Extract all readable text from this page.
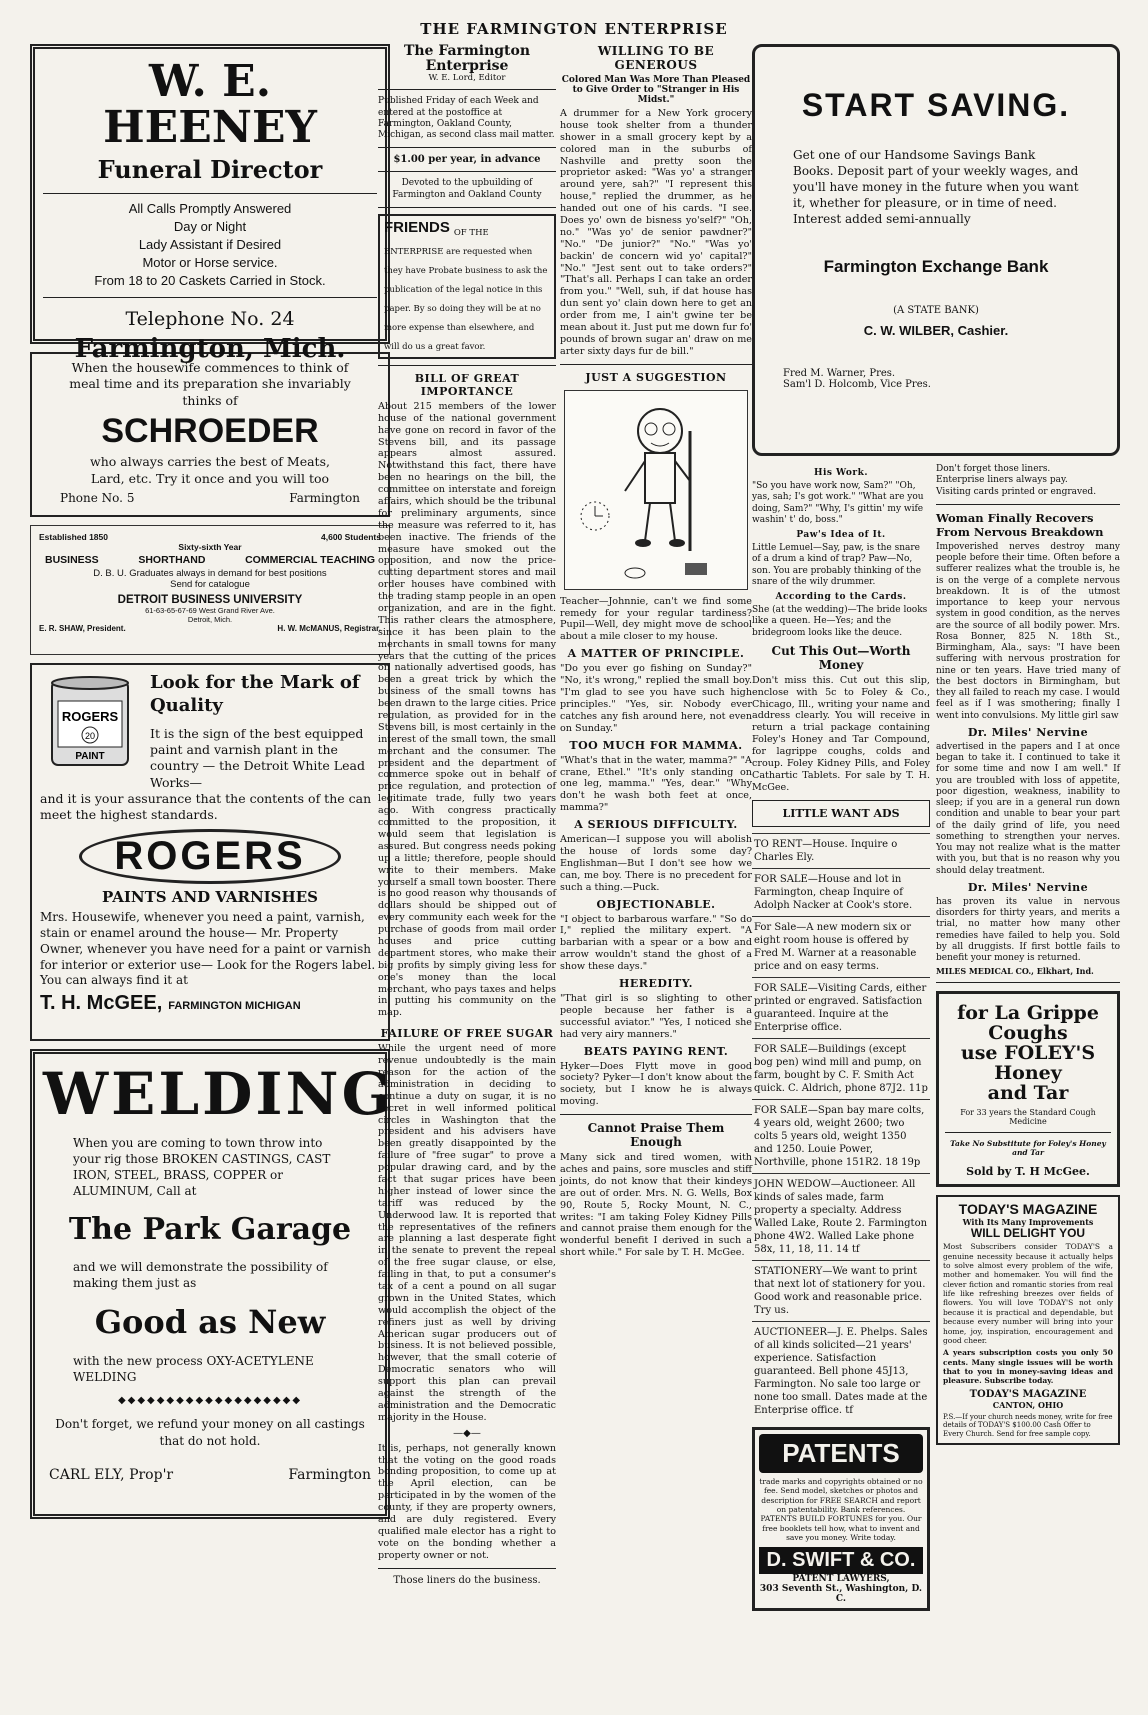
THE FARMINGTON ENTERPRISE
W. E. HEENEY
Funeral Director
All Calls Promptly Answered
Day or Night
Lady Assistant if Desired
Motor or Horse service.
From 18 to 20 Caskets Carried in Stock.
Telephone No. 24
Farmington, Mich.
When the housewife commences to think of meal time and its preparation she invariably thinks of
SCHROEDER
who always carries the best of Meats, Lard, etc. Try it once and you will too
Phone No. 5	Farmington
Established 1850	4,600 Students
Sixty-sixth Year
BUSINESS	SHORTHAND	COMMERCIAL TEACHING
D. B. U. Graduates always in demand for best positions
Send for catalogue
DETROIT BUSINESS UNIVERSITY
61-63-65-67-69 West Grand River Ave.
Detroit, Mich.
E. R. SHAW, President.	H. W. McMANUS, Registrar.
ROGERS
20
PAINT
Look for the Mark of Quality
It is the sign of the best equipped paint and varnish plant in the country — the Detroit White Lead Works—
and it is your assurance that the contents of the can meet the highest standards.
ROGERS
PAINTS AND VARNISHES
Mrs. Housewife, whenever you need a paint, varnish, stain or enamel around the house— Mr. Property Owner, whenever you have need for a paint or varnish for interior or exterior use— Look for the Rogers label. You can always find it at
T. H. McGEE, FARMINGTON MICHIGAN
WELDING
When you are coming to town throw into your rig those BROKEN CASTINGS, CAST IRON, STEEL, BRASS, COPPER or ALUMINUM, Call at
The Park Garage
and we will demonstrate the possibility of making them just as
Good as New
with the new process OXY-ACETYLENE WELDING
◆◆◆◆◆◆◆◆◆◆◆◆◆◆◆◆◆◆◆
Don't forget, we refund your money on all castings that do not hold.
CARL ELY, Prop'r	Farmington
The Farmington Enterprise
W. E. Lord, Editor
Published Friday of each Week and entered at the postoffice at Farmington, Oakland County, Michigan, as second class mail matter.
$1.00 per year, in advance
Devoted to the upbuilding of Farmington and Oakland County
FRIENDS OF THE ENTERPRISE are requested when they have Probate business to ask the publication of the legal notice in this paper. By so doing they will be at no more expense than elsewhere, and will do us a great favor.
BILL OF GREAT IMPORTANCE
About 215 members of the lower house of the national government have gone on record in favor of the Stevens bill, and its passage appears almost assured. Notwithstand this fact, there have been no hearings on the bill, the committee on interstate and foreign affairs, which should be the tribunal for preliminary arguments, since the measure was referred to it, has been inactive. The friends of the measure have smoked out the opposition, and now the price-cutting department stores and mail order houses have combined with the trading stamp people in an open organization, and are in the fight. This rather clears the atmosphere, since it has been plain to the merchants in small towns for many years that the cutting of the prices on nationally advertised goods, has been a great trick by which the business of the small towns has been drawn to the large cities. Price regulation, as provided for in the Stevens bill, is most certainly in the interest of the small town, the small merchant and the consumer. The president and the department of commerce spoke out in behalf of price regulation, and protection of legitimate trade, fully two years ago. With congress practically committed to the proposition, it would seem that legislation is assured. But congress needs poking up a little; therefore, people should write to their members. Make yourself a small town booster. There is no good reason why thousands of dollars should be shipped out of every community each week for the purchase of goods from mail order houses and price cutting department stores, who make their big profits by simply giving less for one's money than the local merchant, who pays taxes and helps in putting his community on the map.
FAILURE OF FREE SUGAR
While the urgent need of more revenue undoubtedly is the main reason for the action of the administration in deciding to continue a duty on sugar, it is no secret in well informed political circles in Washington that the president and his advisers have been greatly disappointed by the failure of "free sugar" to prove a popular drawing card, and by the fact that sugar prices have been higher instead of lower since the tariff was reduced by the Underwood law. It is reported that the representatives of the refiners are planning a last desperate fight in the senate to prevent the repeal of the free sugar clause, or else, failing in that, to put a consumer's tax of a cent a pound on all sugar grown in the United States, which would accomplish the object of the refiners just as well by driving American sugar producers out of business. It is not believed possible, however, that the small coterie of Democratic senators who will support this plan can prevail against the strength of the administration and the Democratic majority in the House.
—◆—
It is, perhaps, not generally known that the voting on the good roads bonding proposition, to come up at the April election, can be participated in by the women of the county, if they are property owners, and are duly registered. Every qualified male elector has a right to vote on the bonding whether a property owner or not.
Those liners do the business.
WILLING TO BE GENEROUS
Colored Man Was More Than Pleased to Give Order to "Stranger in His Midst."
A drummer for a New York grocery house took shelter from a thunder shower in a small grocery kept by a colored man in the suburbs of Nashville and pretty soon the proprietor asked: "Was yo' a stranger around yere, sah?" "I represent this house," replied the drummer, as he handed out one of his cards. "I see. Does yo' own de bisness yo'self?" "Oh, no." "Was yo' de senior pawdner?" "No." "De junior?" "No." "Was yo' backin' de concern wid yo' capital?" "No." "Jest sent out to take orders?" "That's all. Perhaps I can take an order from you." "Well, suh, if dat house has dun sent yo' clain down here to get an order from me, I ain't gwine ter be mean about it. Just put me down fur fo' pounds of brown sugar an' draw on me arter sixty days fur de bill."
JUST A SUGGESTION
Teacher—Johnnie, can't we find some remedy for your regular tardiness? Pupil—Well, dey might move de school about a mile closer to my house.
A MATTER OF PRINCIPLE.
"Do you ever go fishing on Sunday?" "No, it's wrong," replied the small boy. "I'm glad to see you have such high principles." "Yes, sir. Nobody ever catches any fish around here, not even on Sunday."
TOO MUCH FOR MAMMA.
"What's that in the water, mamma?" "A crane, Ethel." "It's only standing on one leg, mamma." "Yes, dear." "Why don't he wash both feet at once, mamma?"
A SERIOUS DIFFICULTY.
American—I suppose you will abolish the house of lords some day? Englishman—But I don't see how we can, me boy. There is no precedent for such a thing.—Puck.
OBJECTIONABLE.
"I object to barbarous warfare." "So do I," replied the military expert. "A barbarian with a spear or a bow and arrow wouldn't stand the ghost of a show these days."
HEREDITY.
"That girl is so slighting to other people because her father is a successful aviator." "Yes, I noticed she had very airy manners."
BEATS PAYING RENT.
Hyker—Does Flytt move in good society? Pyker—I don't know about the society, but I know he is always moving.
Cannot Praise Them Enough
Many sick and tired women, with aches and pains, sore muscles and stiff joints, do not know that their kindeys are out of order. Mrs. N. G. Wells, Box 90, Route 5, Rocky Mount, N. C., writes: "I am taking Foley Kidney Pills and cannot praise them enough for the wonderful benefit I derived in such a short while." For sale by T. H. McGee.
START SAVING.
Get one of our Handsome Savings Bank Books. Deposit part of your weekly wages, and you'll have money in the future when you want it, whether for pleasure, or in time of need. Interest added semi-annually
Farmington Exchange Bank
(A STATE BANK)
C. W. WILBER, Cashier.
Fred M. Warner, Pres.
Sam'l D. Holcomb, Vice Pres.
His Work.
"So you have work now, Sam?" "Oh, yas, sah; I's got work." "What are you doing, Sam?" "Why, I's gittin' my wife washin' t' do, boss."
Paw's Idea of It.
Little Lemuel—Say, paw, is the snare of a drum a kind of trap? Paw—No, son. You are probably thinking of the snare of the wily drummer.
According to the Cards.
She (at the wedding)—The bride looks like a queen. He—Yes; and the bridegroom looks like the deuce.
Cut This Out—Worth Money
Don't miss this. Cut out this slip, enclose with 5c to Foley & Co., Chicago, Ill., writing your name and address clearly. You will receive in return a trial package containing Foley's Honey and Tar Compound, for lagrippe coughs, colds and croup. Foley Kidney Pills, and Foley Cathartic Tablets. For sale by T. H. McGee.
LITTLE WANT ADS
TO RENT—House. Inquire o Charles Ely.
FOR SALE—House and lot in Farmington, cheap Inquire of Adolph Nacker at Cook's store.
For Sale—A new modern six or eight room house is offered by Fred M. Warner at a reasonable price and on easy terms.
FOR SALE—Visiting Cards, either printed or engraved. Satisfaction guaranteed. Inquire at the Enterprise office.
FOR SALE—Buildings (except bog pen) wind mill and pump, on farm, bought by C. F. Smith Act quick. C. Aldrich, phone 87J2. 11p
FOR SALE—Span bay mare colts, 4 years old, weight 2600; two colts 5 years old, weight 1350 and 1250. Louie Power, Northville, phone 151R2. 18 19p
JOHN WEDOW—Auctioneer. All kinds of sales made, farm property a specialty. Address Walled Lake, Route 2. Farmington phone 4W2. Walled Lake phone 58x, 11, 18, 11. 14 tf
STATIONERY—We want to print that next lot of stationery for you. Good work and reasonable price. Try us.
AUCTIONEER—J. E. Phelps. Sales of all kinds solicited—21 years' experience. Satisfaction guaranteed. Bell phone 45J13, Farmington. No sale too large or none too small. Dates made at the Enterprise office. tf
PATENTS
trade marks and copyrights obtained or no fee. Send model, sketches or photos and description for FREE SEARCH and report on patentability. Bank references. PATENTS BUILD FORTUNES for you. Our free booklets tell how, what to invent and save you money. Write today.
D. SWIFT & CO.
PATENT LAWYERS,
303 Seventh St., Washington, D. C.
Don't forget those liners.
Enterprise liners always pay.
Visiting cards printed or engraved.
Woman Finally Recovers From Nervous Breakdown
Impoverished nerves destroy many people before their time. Often before a sufferer realizes what the trouble is, he is on the verge of a complete nervous breakdown. It is of the utmost importance to keep your nervous system in good condition, as the nerves are the source of all bodily power. Mrs. Rosa Bonner, 825 N. 18th St., Birmingham, Ala., says: "I have been suffering with nervous prostration for nine or ten years. Have tried many of the best doctors in Birmingham, but they all failed to reach my case. I would feel as if I was smothering; finally I went into convulsions. My little girl saw
Dr. Miles' Nervine
advertised in the papers and I at once began to take it. I continued to take it for some time and now I am well." If you are troubled with loss of appetite, poor digestion, weakness, inability to sleep; if you are in a general run down condition and unable to bear your part of the daily grind of life, you need something to strengthen your nerves. You may not realize what is the matter with you, but that is no reason why you should delay treatment.
Dr. Miles' Nervine
has proven its value in nervous disorders for thirty years, and merits a trial, no matter how many other remedies have failed to help you. Sold by all druggists. If first bottle fails to benefit your money is returned.
MILES MEDICAL CO., Elkhart, Ind.
for La Grippe
Coughs
use FOLEY'S
Honey
and Tar
For 33 years the Standard Cough Medicine
Take No Substitute for Foley's Honey and Tar
Sold by T. H McGee.
TODAY'S MAGAZINE
With Its Many Improvements
WILL DELIGHT YOU
Most Subscribers consider TODAY'S a genuine necessity because it actually helps to solve almost every problem of the wife, mother and homemaker. You will find the clever fiction and romantic stories from real life like refreshing breezes over fields of flowers. You will love TODAY'S not only because it is practical and dependable, but because every number will bring into your home, joy, inspiration, encouragement and good cheer.
A years subscription costs you only 50 cents. Many single issues will be worth that to you in money-saving ideas and pleasure. Subscribe today.
TODAY'S MAGAZINE
CANTON, OHIO
P.S.—If your church needs money, write for free details of TODAY'S $100.00 Cash Offer to Every Church. Send for free sample copy.
